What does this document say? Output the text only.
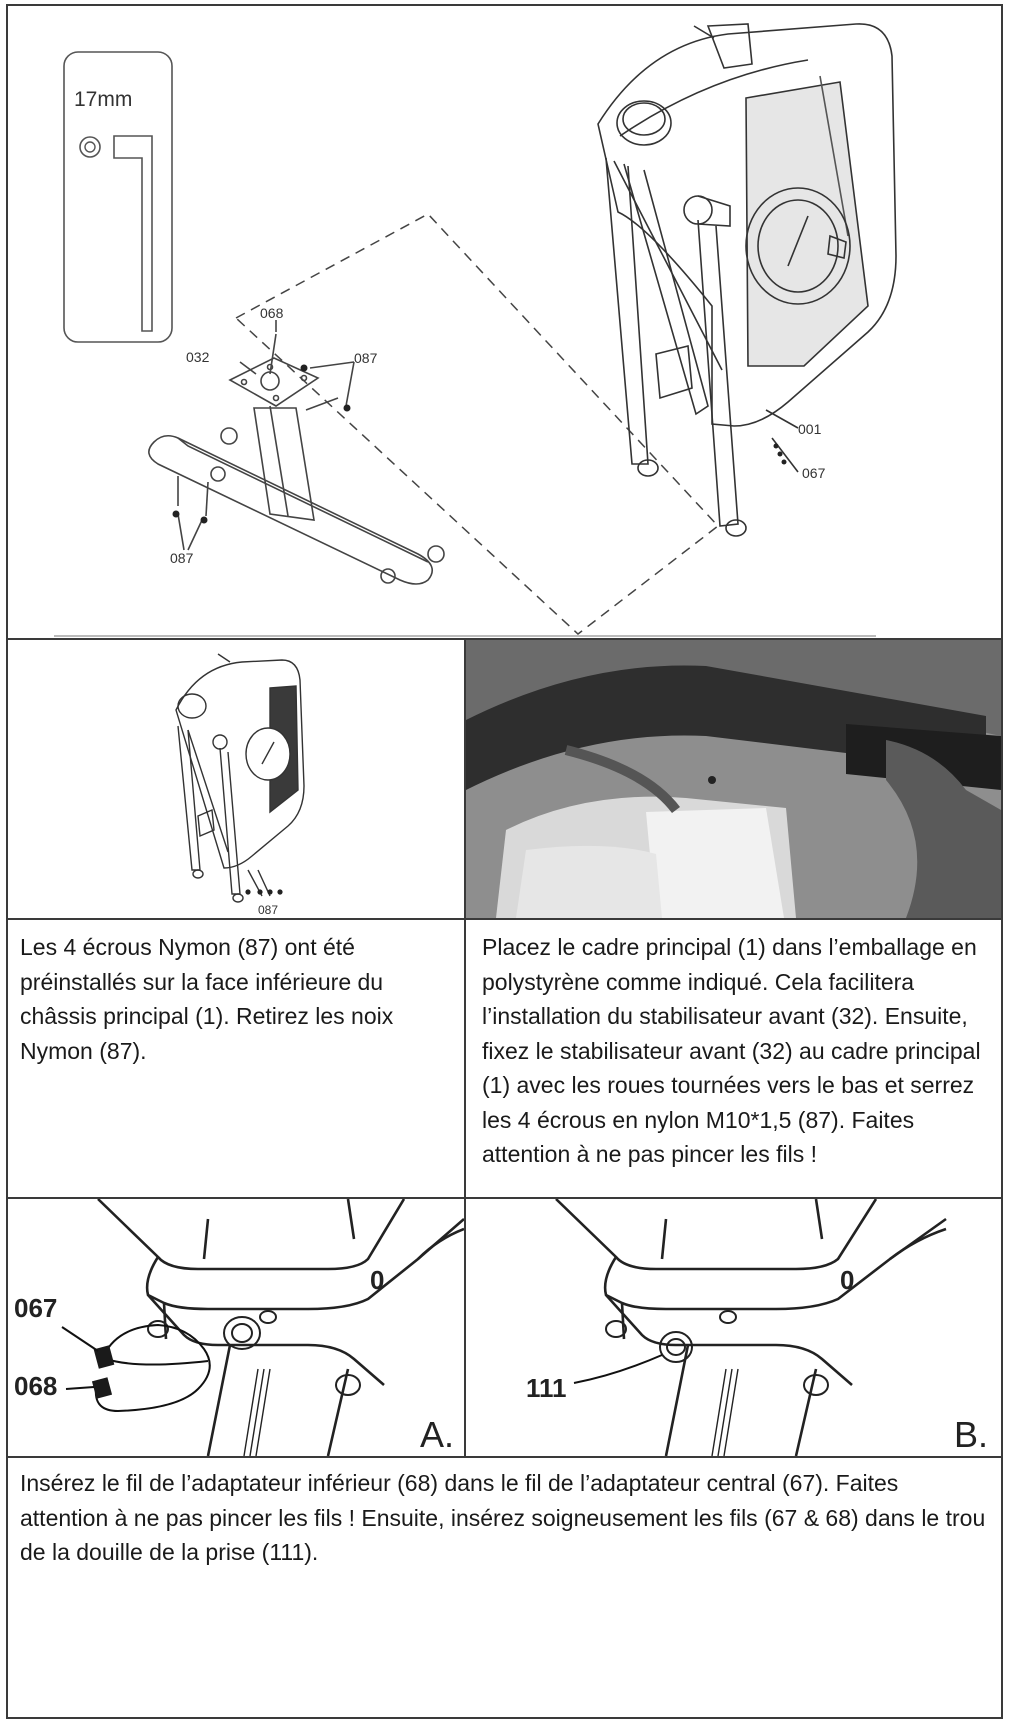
17mm
068
032	087
087
001
067
087
Les 4 écrous Nymon (87) ont été préinstallés sur la face inférieure du châssis principal (1). Retirez les noix Nymon (87).
Placez le cadre principal (1) dans l’emballage en polystyrène comme indiqué. Cela facilitera l’installation du stabilisateur avant (32). Ensuite, fixez le stabilisateur avant (32) au cadre principal (1) avec les roues tournées vers le bas et serrez les 4 écrous en nylon M10*1,5 (87). Faites attention à ne pas pincer les fils !
067
068
0
A.
111
0
B.
Insérez le fil de l’adaptateur inférieur (68) dans le fil de l’adaptateur central (67). Faites attention à ne pas pincer les fils ! Ensuite, insérez soigneusement les fils (67 & 68) dans le trou de la douille de la prise (111).
